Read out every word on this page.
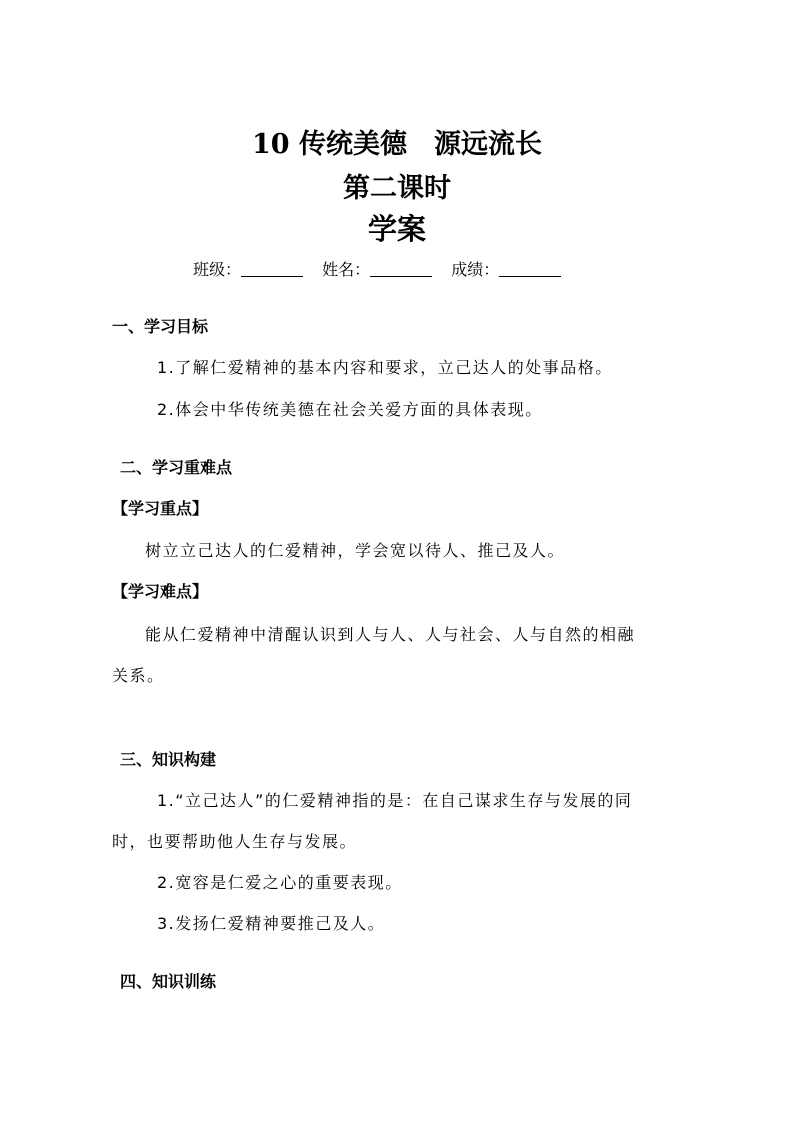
10 传统美德　源远流长
第二课时
学案
班级：	姓名：	成绩：
一、学习目标
1.了解仁爱精神的基本内容和要求，立己达人的处事品格。
2.体会中华传统美德在社会关爱方面的具体表现。
二、学习重难点
【学习重点】
树立立己达人的仁爱精神，学会宽以待人、推己及人。
【学习难点】
能从仁爱精神中清醒认识到人与人、人与社会、人与自然的相融
关系。
三、知识构建
1.“立己达人”的仁爱精神指的是：在自己谋求生存与发展的同
时，也要帮助他人生存与发展。
2.宽容是仁爱之心的重要表现。
3.发扬仁爱精神要推己及人。
四、知识训练
